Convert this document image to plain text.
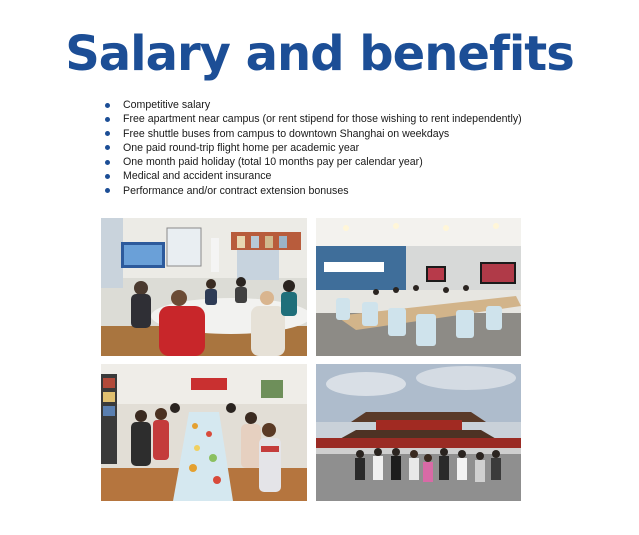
Salary and benefits
Competitive salary
Free apartment near campus (or rent stipend for those wishing to rent independently)
Free shuttle buses from campus to downtown Shanghai on weekdays
One paid round-trip flight home per academic year
One month paid holiday (total 10 months pay per calendar year)
Medical and accident insurance
Performance and/or contract extension bonuses
